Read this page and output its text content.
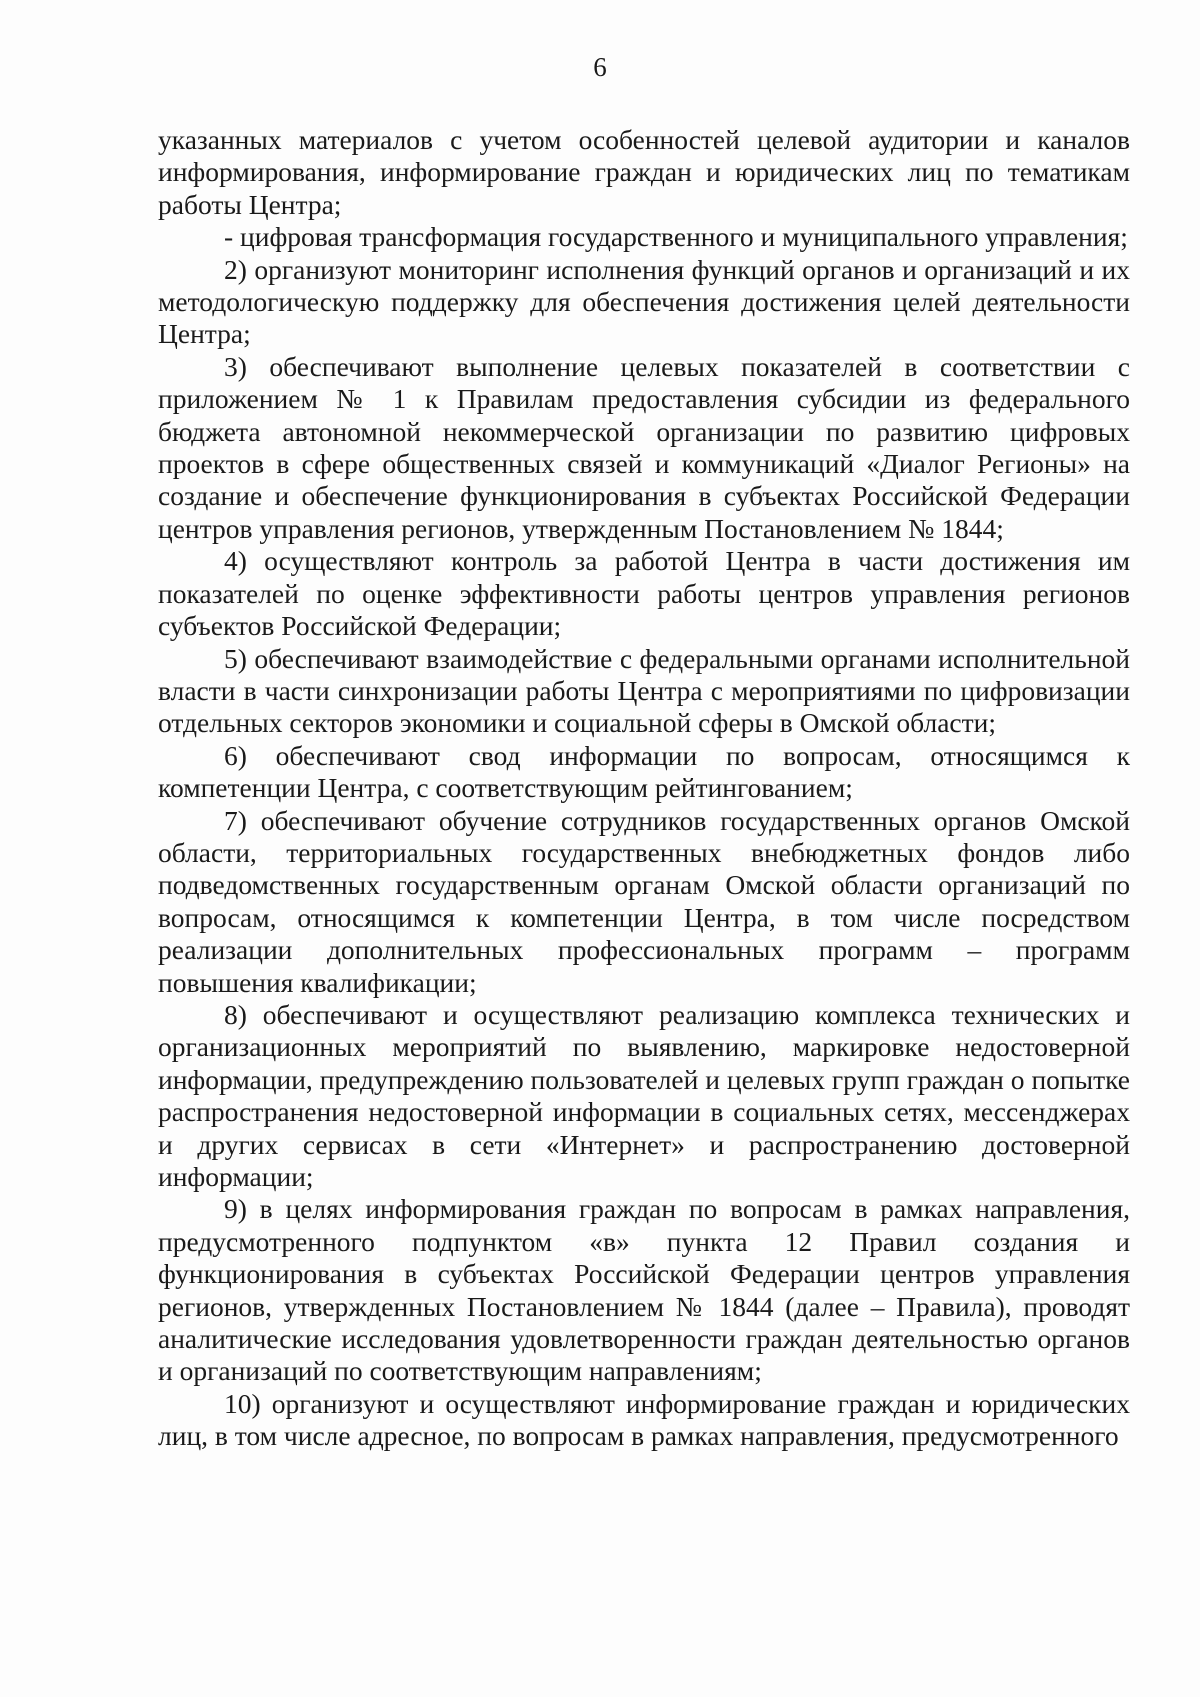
6

указанных материалов с учетом особенностей целевой аудитории и каналов информирования, информирование граждан и юридических лиц по тематикам работы Центра;

- цифровая трансформация государственного и муниципального управления;

2) организуют мониторинг исполнения функций органов и организаций и их методологическую поддержку для обеспечения достижения целей деятельности Центра;

3) обеспечивают выполнение целевых показателей в соответствии с приложением № 1 к Правилам предоставления субсидии из федерального бюджета автономной некоммерческой организации по развитию цифровых проектов в сфере общественных связей и коммуникаций «Диалог Регионы» на создание и обеспечение функционирования в субъектах Российской Федерации центров управления регионов, утвержденным Постановлением № 1844;

4) осуществляют контроль за работой Центра в части достижения им показателей по оценке эффективности работы центров управления регионов субъектов Российской Федерации;

5) обеспечивают взаимодействие с федеральными органами исполнительной власти в части синхронизации работы Центра с мероприятиями по цифровизации отдельных секторов экономики и социальной сферы в Омской области;

6) обеспечивают свод информации по вопросам, относящимся к компетенции Центра, с соответствующим рейтингованием;

7) обеспечивают обучение сотрудников государственных органов Омской области, территориальных государственных внебюджетных фондов либо подведомственных государственным органам Омской области организаций по вопросам, относящимся к компетенции Центра, в том числе посредством реализации дополнительных профессиональных программ – программ повышения квалификации;

8) обеспечивают и осуществляют реализацию комплекса технических и организационных мероприятий по выявлению, маркировке недостоверной информации, предупреждению пользователей и целевых групп граждан о попытке распространения недостоверной информации в социальных сетях, мессенджерах и других сервисах в сети «Интернет» и распространению достоверной информации;

9) в целях информирования граждан по вопросам в рамках направления, предусмотренного подпунктом «в» пункта 12 Правил создания и функционирования в субъектах Российской Федерации центров управления регионов, утвержденных Постановлением № 1844 (далее – Правила), проводят аналитические исследования удовлетворенности граждан деятельностью органов и организаций по соответствующим направлениям;

10) организуют и осуществляют информирование граждан и юридических лиц, в том числе адресное, по вопросам в рамках направления, предусмотренного
